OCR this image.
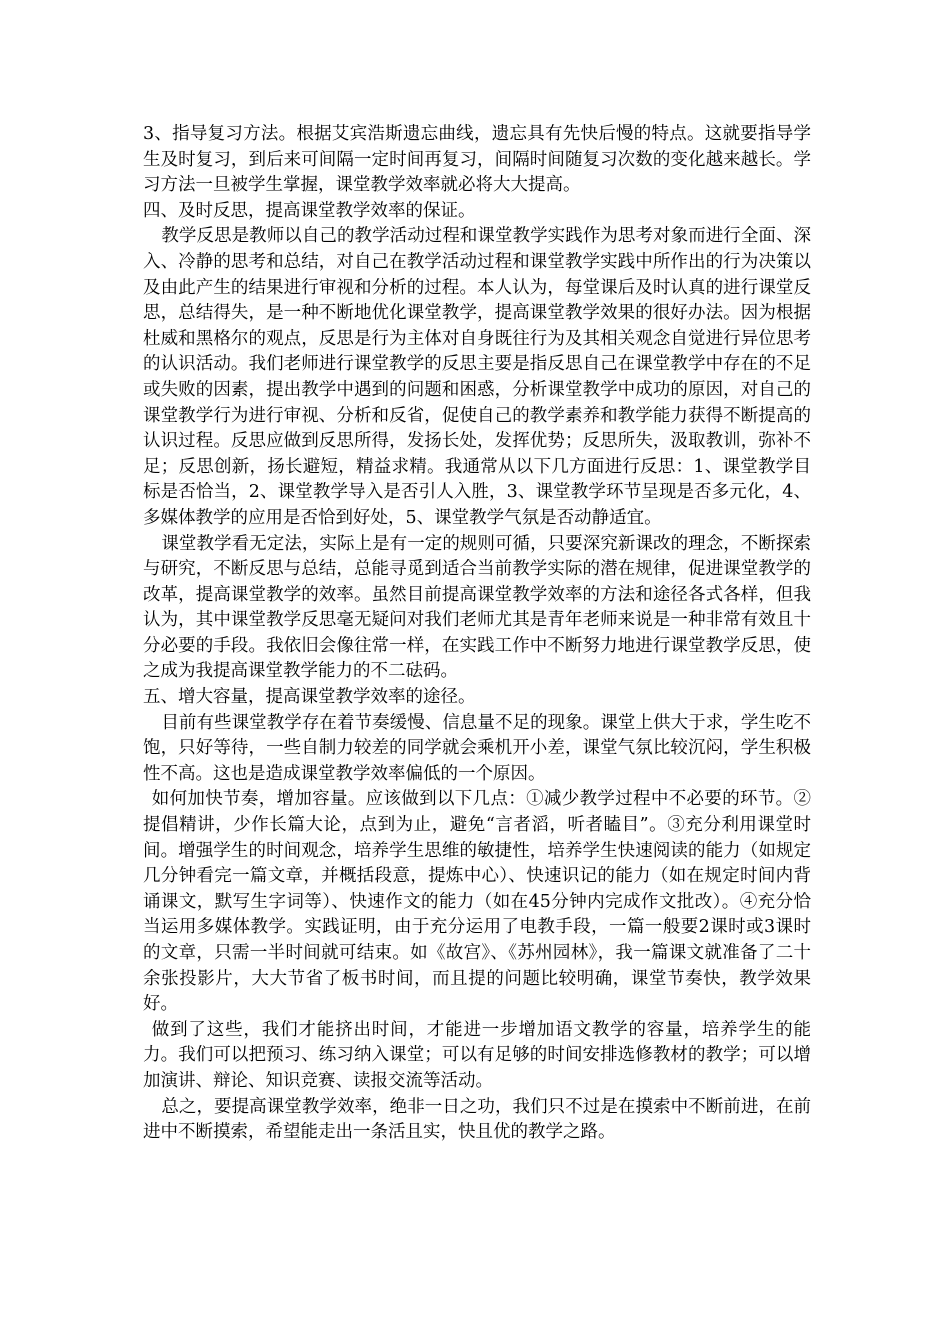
3、指导复习方法。根据艾宾浩斯遗忘曲线，遗忘具有先快后慢的特点。这就要指导学生及时复习，到后来可间隔一定时间再复习，间隔时间随复习次数的变化越来越长。学习方法一旦被学生掌握，课堂教学效率就必将大大提高。

四、及时反思，提高课堂教学效率的保证。

教学反思是教师以自己的教学活动过程和课堂教学实践作为思考对象而进行全面、深入、冷静的思考和总结，对自己在教学活动过程和课堂教学实践中所作出的行为决策以及由此产生的结果进行审视和分析的过程。本人认为，每堂课后及时认真的进行课堂反思，总结得失，是一种不断地优化课堂教学，提高课堂教学效果的很好办法。因为根据杜威和黑格尔的观点，反思是行为主体对自身既往行为及其相关观念自觉进行异位思考的认识活动。我们老师进行课堂教学的反思主要是指反思自己在课堂教学中存在的不足或失败的因素，提出教学中遇到的问题和困惑，分析课堂教学中成功的原因，对自己的课堂教学行为进行审视、分析和反省，促使自己的教学素养和教学能力获得不断提高的认识过程。反思应做到反思所得，发扬长处，发挥优势；反思所失，汲取教训，弥补不足；反思创新，扬长避短，精益求精。我通常从以下几方面进行反思：1、课堂教学目标是否恰当，2、课堂教学导入是否引人入胜，3、课堂教学环节呈现是否多元化，4、多媒体教学的应用是否恰到好处，5、课堂教学气氛是否动静适宜。

课堂教学看无定法，实际上是有一定的规则可循，只要深究新课改的理念，不断探索与研究，不断反思与总结，总能寻觅到适合当前教学实际的潜在规律，促进课堂教学的改革，提高课堂教学的效率。虽然目前提高课堂教学效率的方法和途径各式各样，但我认为，其中课堂教学反思毫无疑问对我们老师尤其是青年老师来说是一种非常有效且十分必要的手段。我依旧会像往常一样，在实践工作中不断努力地进行课堂教学反思，使之成为我提高课堂教学能力的不二砝码。

五、增大容量，提高课堂教学效率的途径。

目前有些课堂教学存在着节奏缓慢、信息量不足的现象。课堂上供大于求，学生吃不饱，只好等待，一些自制力较差的同学就会乘机开小差，课堂气氛比较沉闷，学生积极性不高。这也是造成课堂教学效率偏低的一个原因。

如何加快节奏，增加容量。应该做到以下几点：①减少教学过程中不必要的环节。②提倡精讲，少作长篇大论，点到为止，避免“言者滔，听者瞌目”。③充分利用课堂时间。增强学生的时间观念，培养学生思维的敏捷性，培养学生快速阅读的能力（如规定几分钟看完一篇文章，并概括段意，提炼中心）、快速识记的能力（如在规定时间内背诵课文，默写生字词等）、快速作文的能力（如在45分钟内完成作文批改）。④充分恰当运用多媒体教学。实践证明，由于充分运用了电教手段，一篇一般要2课时或3课时的文章，只需一半时间就可结束。如《故宫》、《苏州园林》，我一篇课文就准备了二十余张投影片，大大节省了板书时间，而且提的问题比较明确，课堂节奏快，教学效果好。

做到了这些，我们才能挤出时间，才能进一步增加语文教学的容量，培养学生的能力。我们可以把预习、练习纳入课堂；可以有足够的时间安排选修教材的教学；可以增加演讲、辩论、知识竞赛、读报交流等活动。

总之，要提高课堂教学效率，绝非一日之功，我们只不过是在摸索中不断前进，在前进中不断摸索，希望能走出一条活且实，快且优的教学之路。
